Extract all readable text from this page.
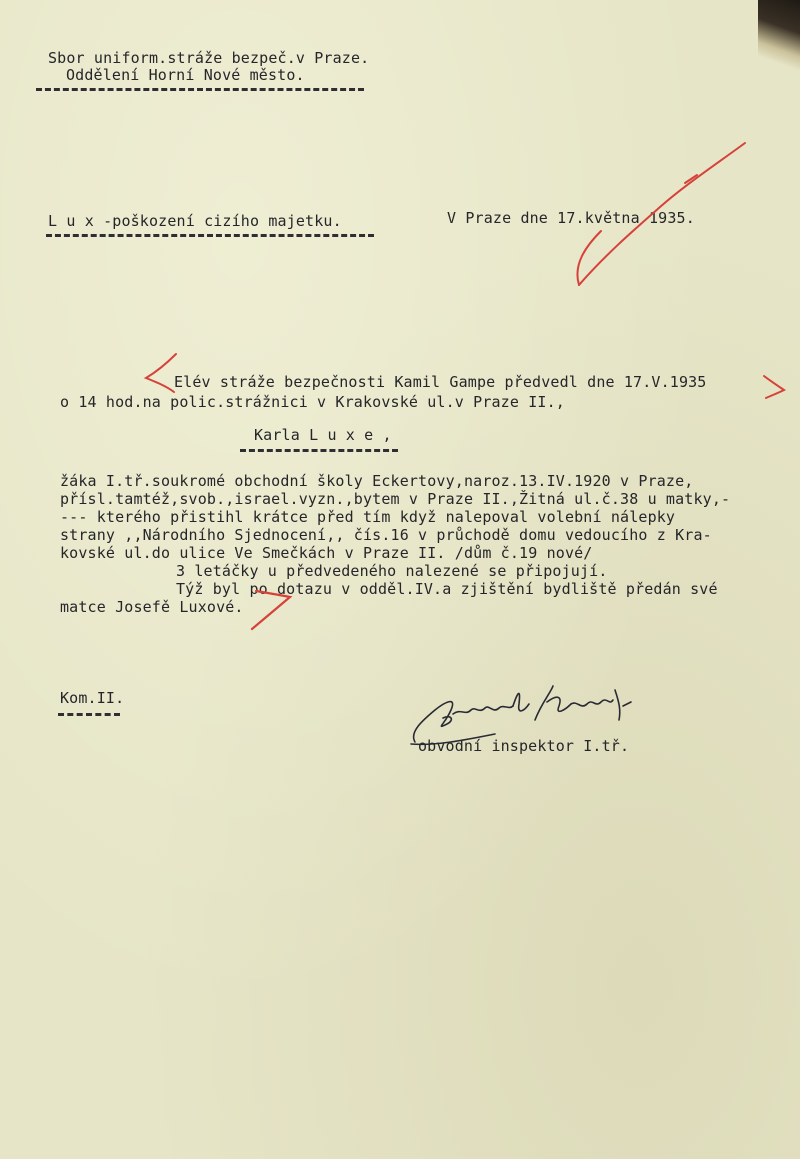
Sbor uniform.stráže bezpeč.v Praze.
Oddělení Horní Nové město.
L u x -poškození cizího majetku.	V Praze dne 17.května 1935.
Elév stráže bezpečnosti Kamil Gampe předvedl dne 17.V.1935
o 14 hod.na polic.strážnici v Krakovské ul.v Praze II.,
Karla L u x e ,
žáka I.tř.soukromé obchodní školy Eckertovy,naroz.13.IV.1920 v Praze,
přísl.tamtéž,svob.,israel.vyzn.,bytem v Praze II.,Žitná ul.č.38 u matky,-
--- kterého přistihl krátce před tím když nalepoval volební nálepky
strany ,,Národního Sjednocení,, čís.16 v průchodě domu vedoucího z Kra-
kovské ul.do ulice Ve Smečkách v Praze II. /dům č.19 nové/
3 letáčky u předvedeného nalezené se připojují.
Týž byl po dotazu v odděl.IV.a zjištění bydliště předán své
matce Josefě Luxové.
Kom.II.
obvodní inspektor I.tř.
